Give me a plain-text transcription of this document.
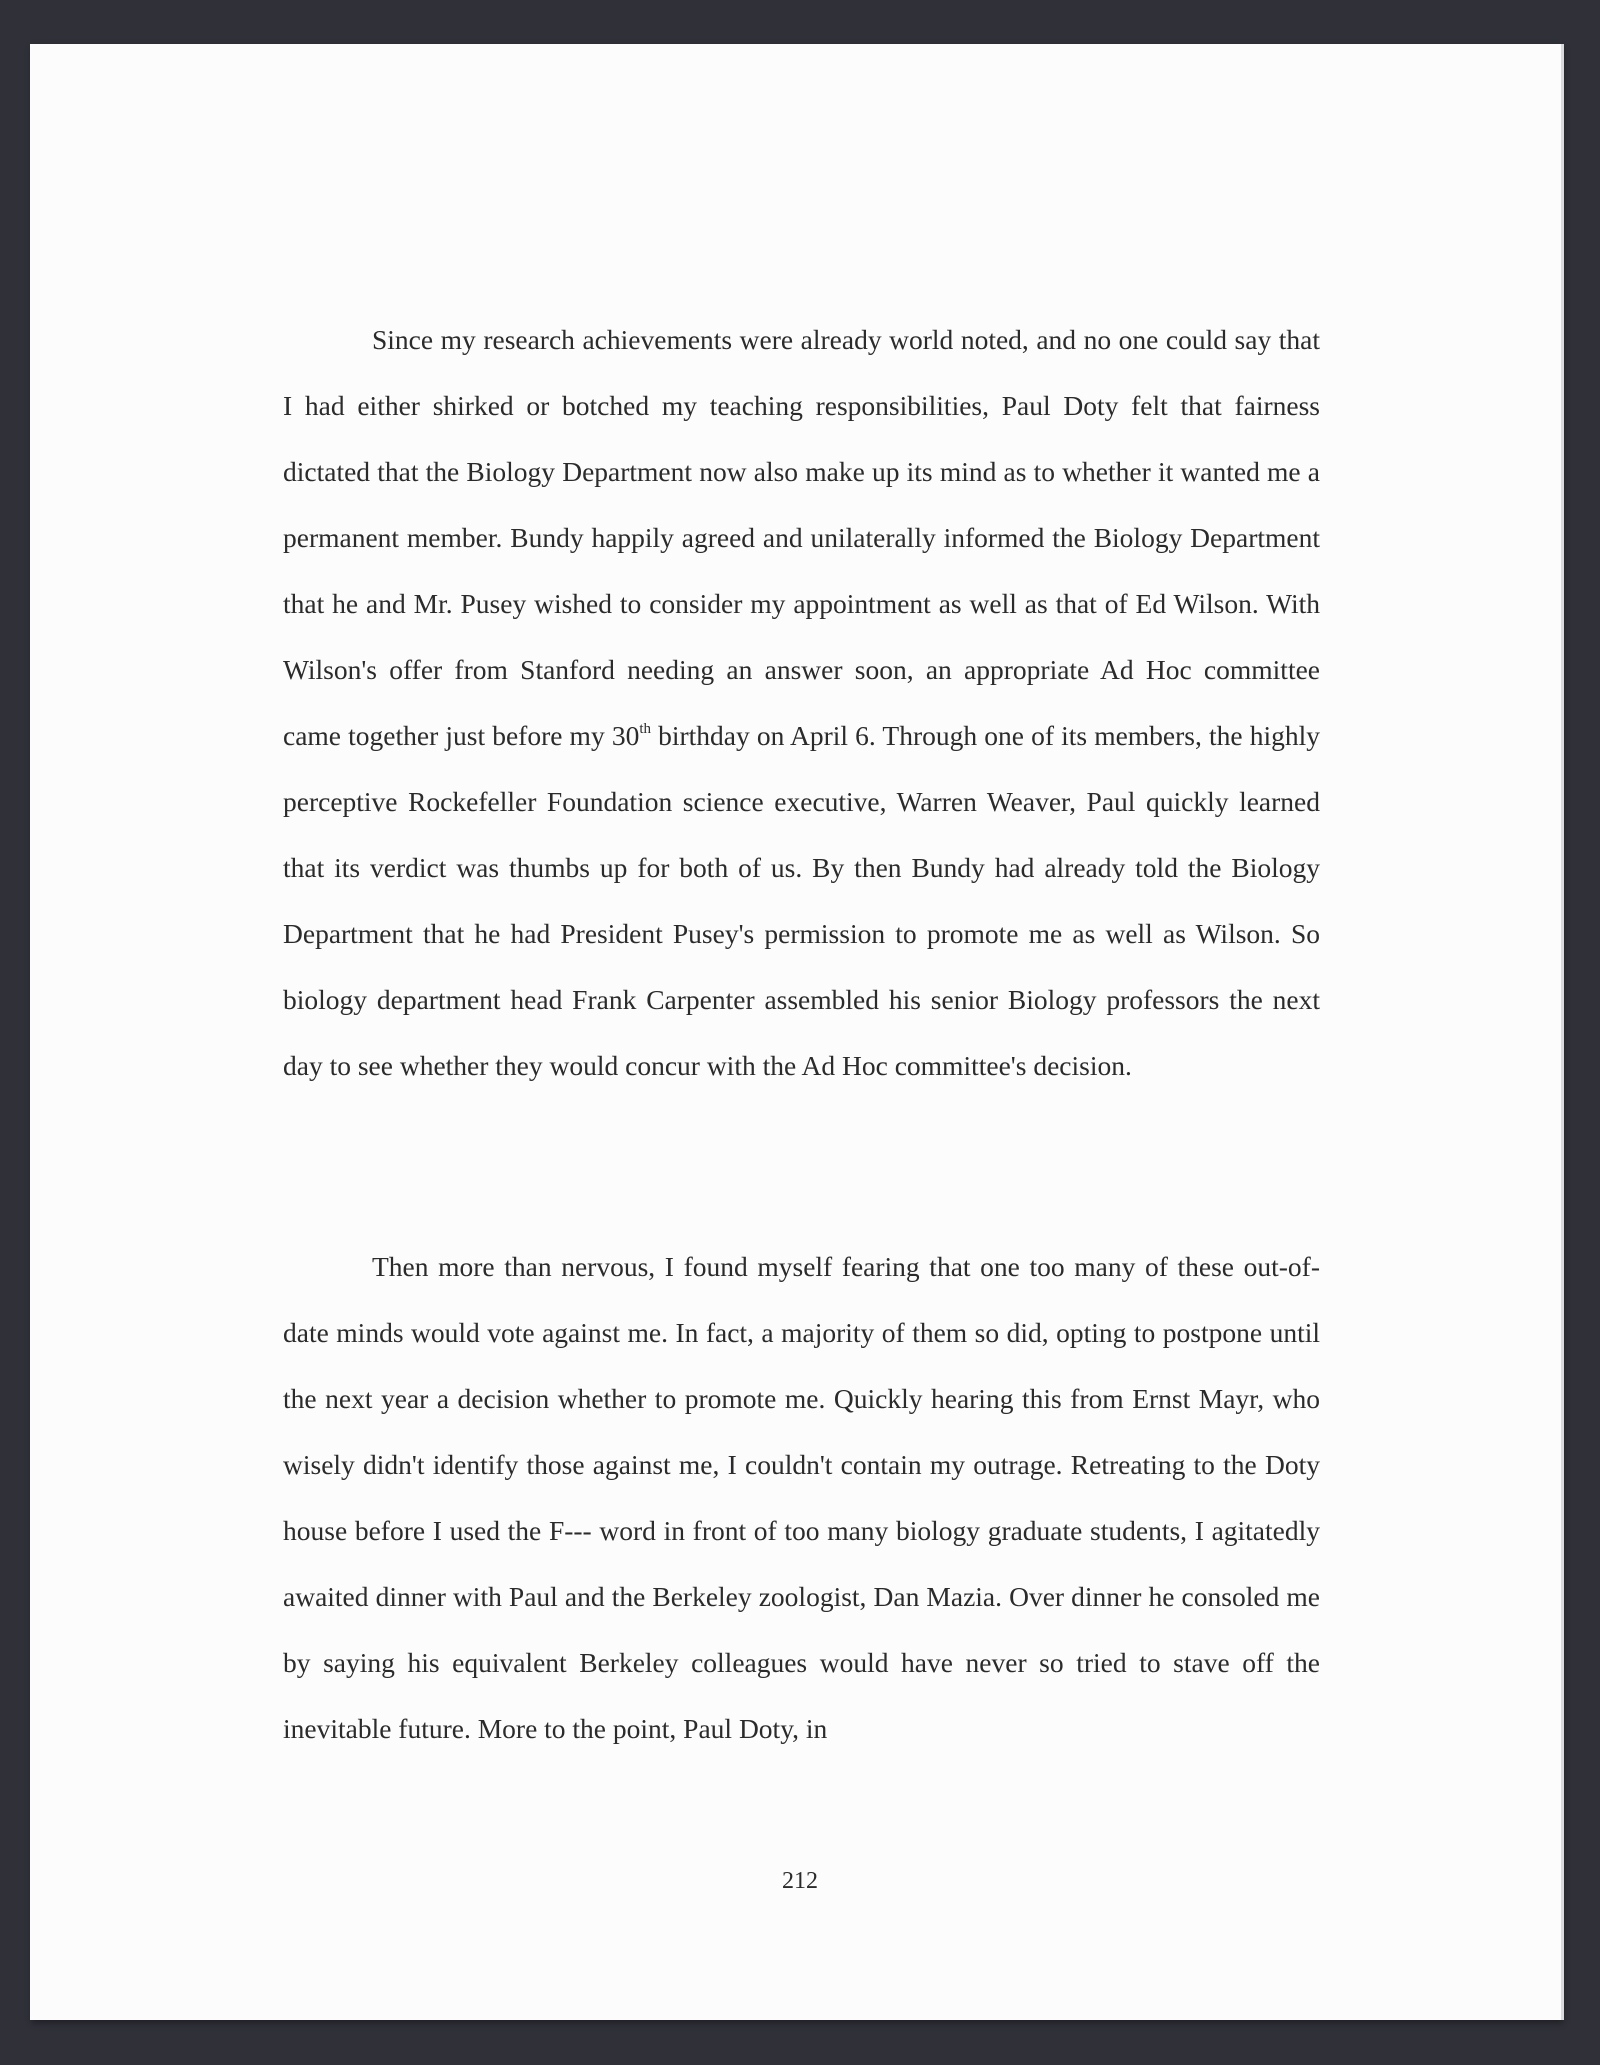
Since my research achievements were already world noted, and no one could say that I had either shirked or botched my teaching responsibilities, Paul Doty felt that fairness dictated that the Biology Department now also make up its mind as to whether it wanted me a permanent member. Bundy happily agreed and unilaterally informed the Biology Department that he and Mr. Pusey wished to consider my appointment as well as that of Ed Wilson. With Wilson's offer from Stanford needing an answer soon, an appropriate Ad Hoc committee came together just before my 30th birthday on April 6. Through one of its members, the highly perceptive Rockefeller Foundation science executive, Warren Weaver, Paul quickly learned that its verdict was thumbs up for both of us. By then Bundy had already told the Biology Department that he had President Pusey's permission to promote me as well as Wilson. So biology department head Frank Carpenter assembled his senior Biology professors the next day to see whether they would concur with the Ad Hoc committee's decision.

Then more than nervous, I found myself fearing that one too many of these out-of-date minds would vote against me. In fact, a majority of them so did, opting to postpone until the next year a decision whether to promote me. Quickly hearing this from Ernst Mayr, who wisely didn't identify those against me, I couldn't contain my outrage. Retreating to the Doty house before I used the F--- word in front of too many biology graduate students, I agitatedly awaited dinner with Paul and the Berkeley zoologist, Dan Mazia. Over dinner he consoled me by saying his equivalent Berkeley colleagues would have never so tried to stave off the inevitable future. More to the point, Paul Doty, in

212
